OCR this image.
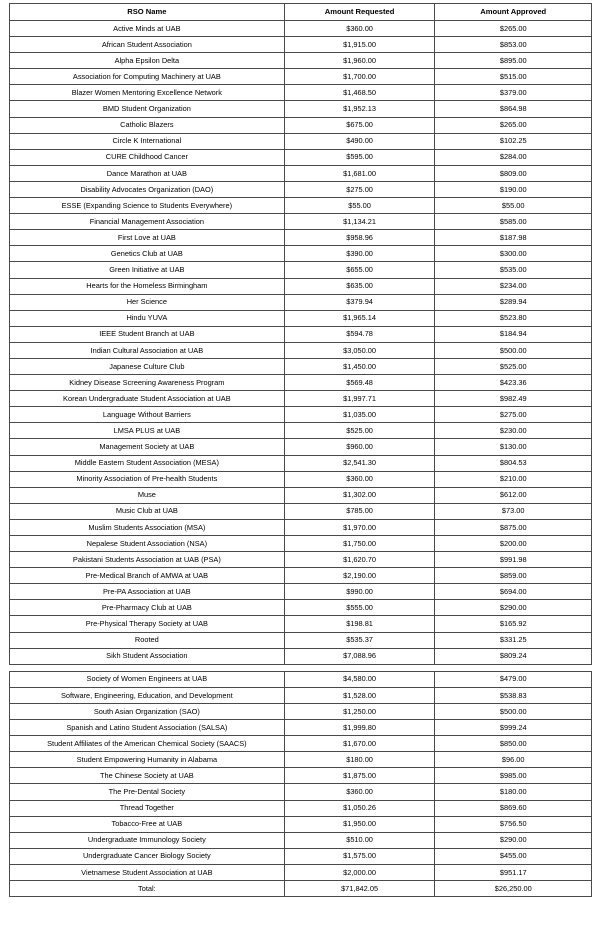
RSO Name	Amount Requested	Amount Approved
Active Minds at UAB	$360.00	$265.00
African Student Association	$1,915.00	$853.00
Alpha Epsilon Delta	$1,960.00	$895.00
Association for Computing Machinery at UAB	$1,700.00	$515.00
Blazer Women Mentoring Excellence Network	$1,468.50	$379.00
BMD Student Organization	$1,952.13	$864.98
Catholic Blazers	$675.00	$265.00
Circle K International	$490.00	$102.25
CURE Childhood Cancer	$595.00	$284.00
Dance Marathon at UAB	$1,681.00	$809.00
Disability Advocates Organization (DAO)	$275.00	$190.00
ESSE (Expanding Science to Students Everywhere)	$55.00	$55.00
Financial Management Association	$1,134.21	$585.00
First Love at UAB	$958.96	$187.98
Genetics Club at UAB	$390.00	$300.00
Green Initiative at UAB	$655.00	$535.00
Hearts for the Homeless Birmingham	$635.00	$234.00
Her Science	$379.94	$289.94
Hindu YUVA	$1,965.14	$523.80
IEEE Student Branch at UAB	$594.78	$184.94
Indian Cultural Association at UAB	$3,050.00	$500.00
Japanese Culture Club	$1,450.00	$525.00
Kidney Disease Screening Awareness Program	$569.48	$423.36
Korean Undergraduate Student Association at UAB	$1,997.71	$982.49
Language Without Barriers	$1,035.00	$275.00
LMSA PLUS at UAB	$525.00	$230.00
Management Society at UAB	$960.00	$130.00
Middle Eastern Student Association (MESA)	$2,541.30	$804.53
Minority Association of Pre-health Students	$360.00	$210.00
Muse	$1,302.00	$612.00
Music Club at UAB	$785.00	$73.00
Muslim Students Association (MSA)	$1,970.00	$875.00
Nepalese Student Association (NSA)	$1,750.00	$200.00
Pakistani Students Association at UAB (PSA)	$1,620.70	$991.98
Pre-Medical Branch of AMWA at UAB	$2,190.00	$859.00
Pre-PA Association at UAB	$990.00	$694.00
Pre-Pharmacy Club at UAB	$555.00	$290.00
Pre-Physical Therapy Society at UAB	$198.81	$165.92
Rooted	$535.37	$331.25
Sikh Student Association	$7,088.96	$809.24

Society of Women Engineers at UAB	$4,580.00	$479.00
Software, Engineering, Education, and Development	$1,528.00	$538.83
South Asian Organization (SAO)	$1,250.00	$500.00
Spanish and Latino Student Association (SALSA)	$1,999.80	$999.24
Student Affiliates of the American Chemical Society (SAACS)	$1,670.00	$850.00
Student Empowering Humanity in Alabama	$180.00	$96.00
The Chinese Society at UAB	$1,875.00	$985.00
The Pre-Dental Society	$360.00	$180.00
Thread Together	$1,050.26	$869.60
Tobacco-Free at UAB	$1,950.00	$756.50
Undergraduate Immunology Society	$510.00	$290.00
Undergraduate Cancer Biology Society	$1,575.00	$455.00
Vietnamese Student Association at UAB	$2,000.00	$951.17
Total:	$71,842.05	$26,250.00
